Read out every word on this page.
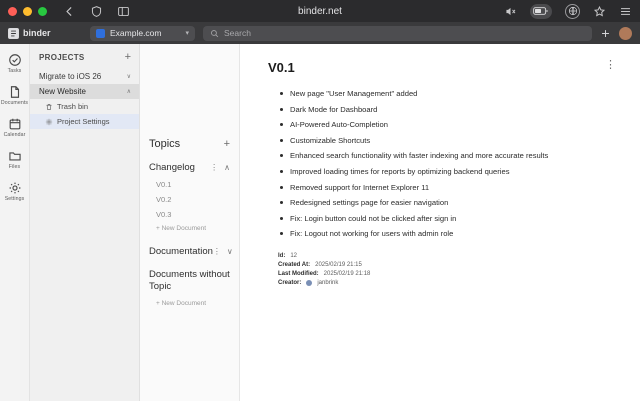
binder.net
binder	Example.com	▾	Search
Tasks
Documents
Calendar
Files
Settings
PROJECTS	+
Migrate to iOS 26	∨
New Website	∧
Trash bin
Project Settings
Topics	+
Changelog ⋮ ∧
V0.1
V0.2
V0.3
+ New Document
Documentation ⋮ ∨
Documents without Topic
+ New Document
V0.1	⋮
New page "User Management" added
Dark Mode for Dashboard
AI-Powered Auto-Completion
Customizable Shortcuts
Enhanced search functionality with faster indexing and more accurate results
Improved loading times for reports by optimizing backend queries
Removed support for Internet Explorer 11
Redesigned settings page for easier navigation
Fix: Login button could not be clicked after sign in
Fix: Logout not working for users with admin role
Id: 12
Created At: 2025/02/19 21:15
Last Modified: 2025/02/19 21:18
Creator:	janbrink
